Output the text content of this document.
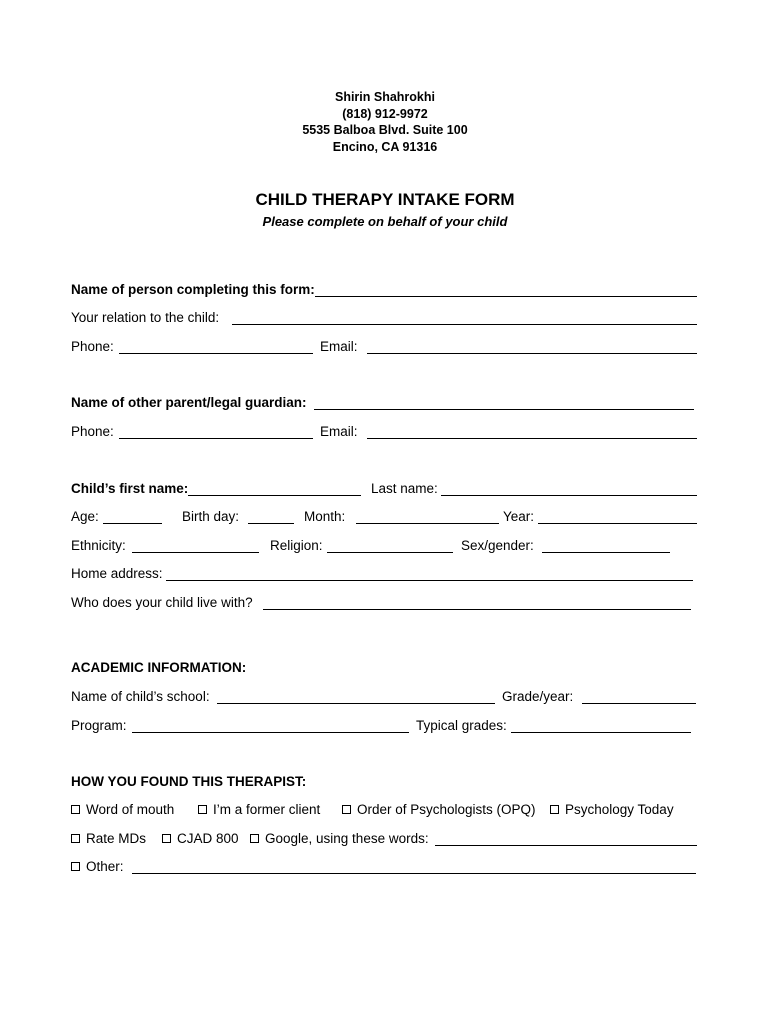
Shirin Shahrokhi
(818) 912-9972
5535 Balboa Blvd. Suite 100
Encino, CA 91316
CHILD THERAPY INTAKE FORM
Please complete on behalf of your child
Name of person completing this form:
Your relation to the child:
Phone:	Email:
Name of other parent/legal guardian:
Phone:	Email:
Child’s first name:	Last name:
Age:	Birth day:	Month:	Year:
Ethnicity:	Religion:	Sex/gender:
Home address:
Who does your child live with?
ACADEMIC INFORMATION:
Name of child’s school:	Grade/year:
Program:	Typical grades:
HOW YOU FOUND THIS THERAPIST:
Word of mouth	I’m a former client	Order of Psychologists (OPQ)	Psychology Today
Rate MDs	CJAD 800	Google, using these words:
Other:
